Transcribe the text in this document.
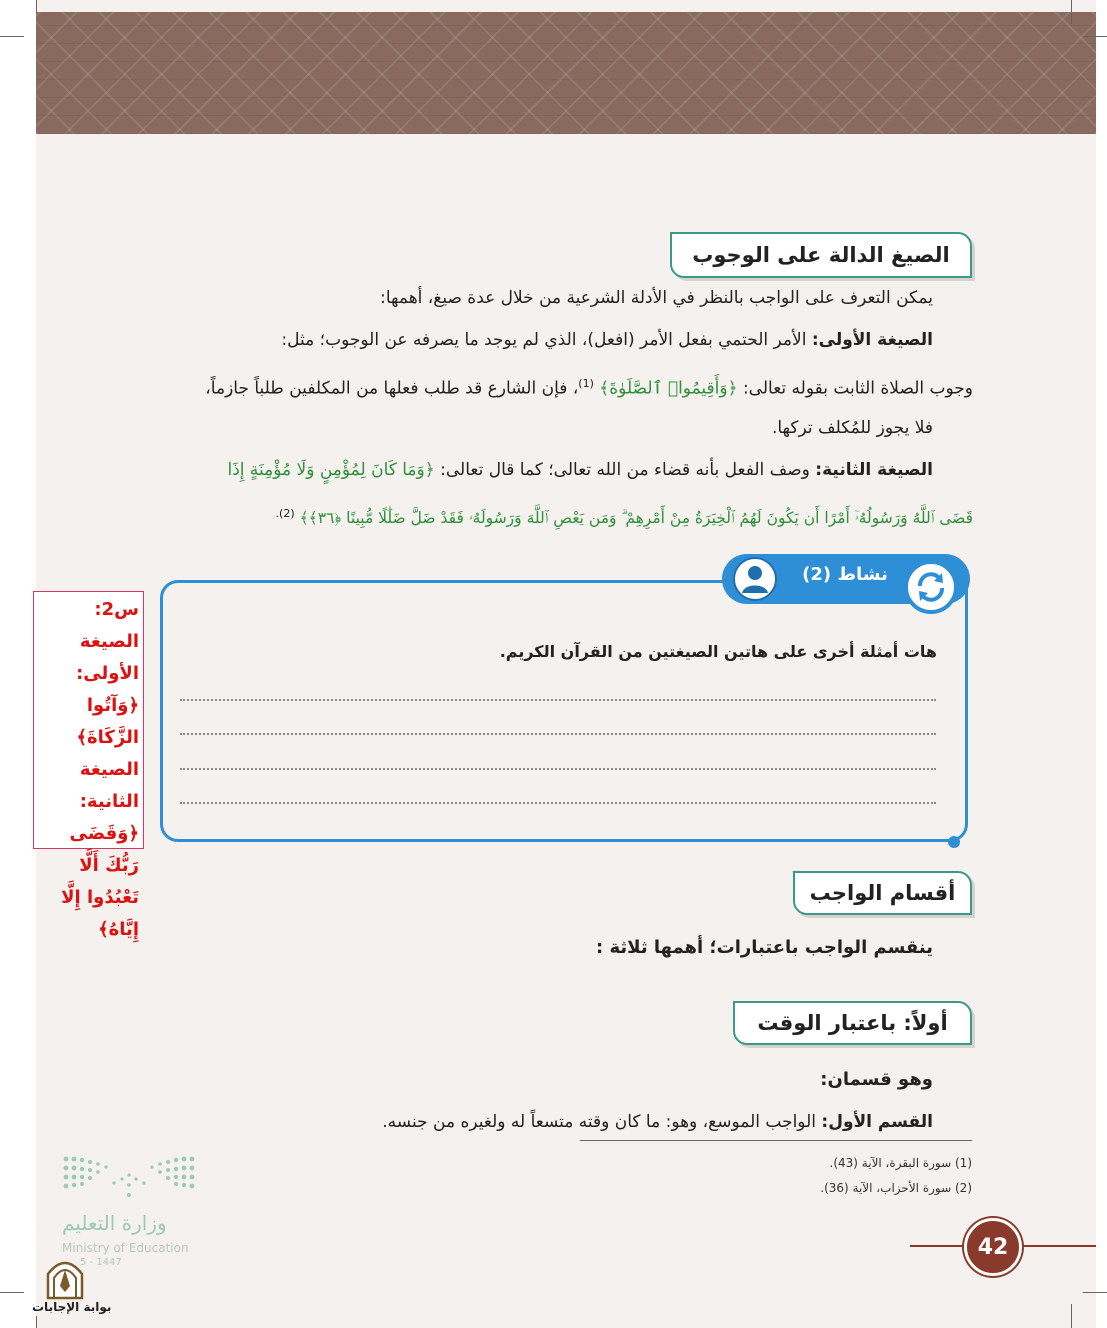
الصيغ الدالة على الوجوب
يمكن التعرف على الواجب بالنظر في الأدلة الشرعية من خلال عدة صيغ، أهمها:
الصيغة الأولى: الأمر الحتمي بفعل الأمر (افعل)، الذي لم يوجد ما يصرفه عن الوجوب؛ مثل:
وجوب الصلاة الثابت بقوله تعالى: ﴿وَأَقِيمُوا۟ ٱلصَّلَوٰةَ﴾ $^{(1)}$، فإن الشارع قد طلب فعلها من المكلفين طلباً جازماً،
فلا يجوز للمُكلف تركها.
الصيغة الثانية: وصف الفعل بأنه قضاء من الله تعالى؛ كما قال تعالى: ﴿وَمَا كَانَ لِمُؤْمِنٍ وَلَا مُؤْمِنَةٍ إِذَا
قَضَى ٱللَّهُ وَرَسُولُهُۥٓ أَمْرًا أَن يَكُونَ لَهُمُ ٱلْخِيَرَةُ مِنْ أَمْرِهِمْ ۗ وَمَن يَعْصِ ٱللَّهَ وَرَسُولَهُۥ فَقَدْ ضَلَّ ضَلَٰلًا مُّبِينًا ﴿٣٦﴾﴾ $^{(2).}$
نشاط (2)
هات أمثلة أخرى على هاتين الصيغتين من القرآن الكريم.
س2: الصيغة الأولى: ﴿وَآتُوا الزَّكَاةَ﴾ الصيغة الثانية: ﴿وَقَضَى رَبُّكَ أَلَّا تَعْبُدُوا إِلَّا إِيَّاهُ﴾
أقسام الواجب
ينقسم الواجب باعتبارات؛ أهمها ثلاثة :
أولاً: باعتبار الوقت
وهو قسمان:
القسم الأول: الواجب الموسع، وهو: ما كان وقته متسعاً له ولغيره من جنسه.
(1) سورة البقرة، الآية (43).
(2) سورة الأحزاب، الآية (36).
42
وزارة التعليم
Ministry of Education
5 - 1447
بوابة الإجابات
